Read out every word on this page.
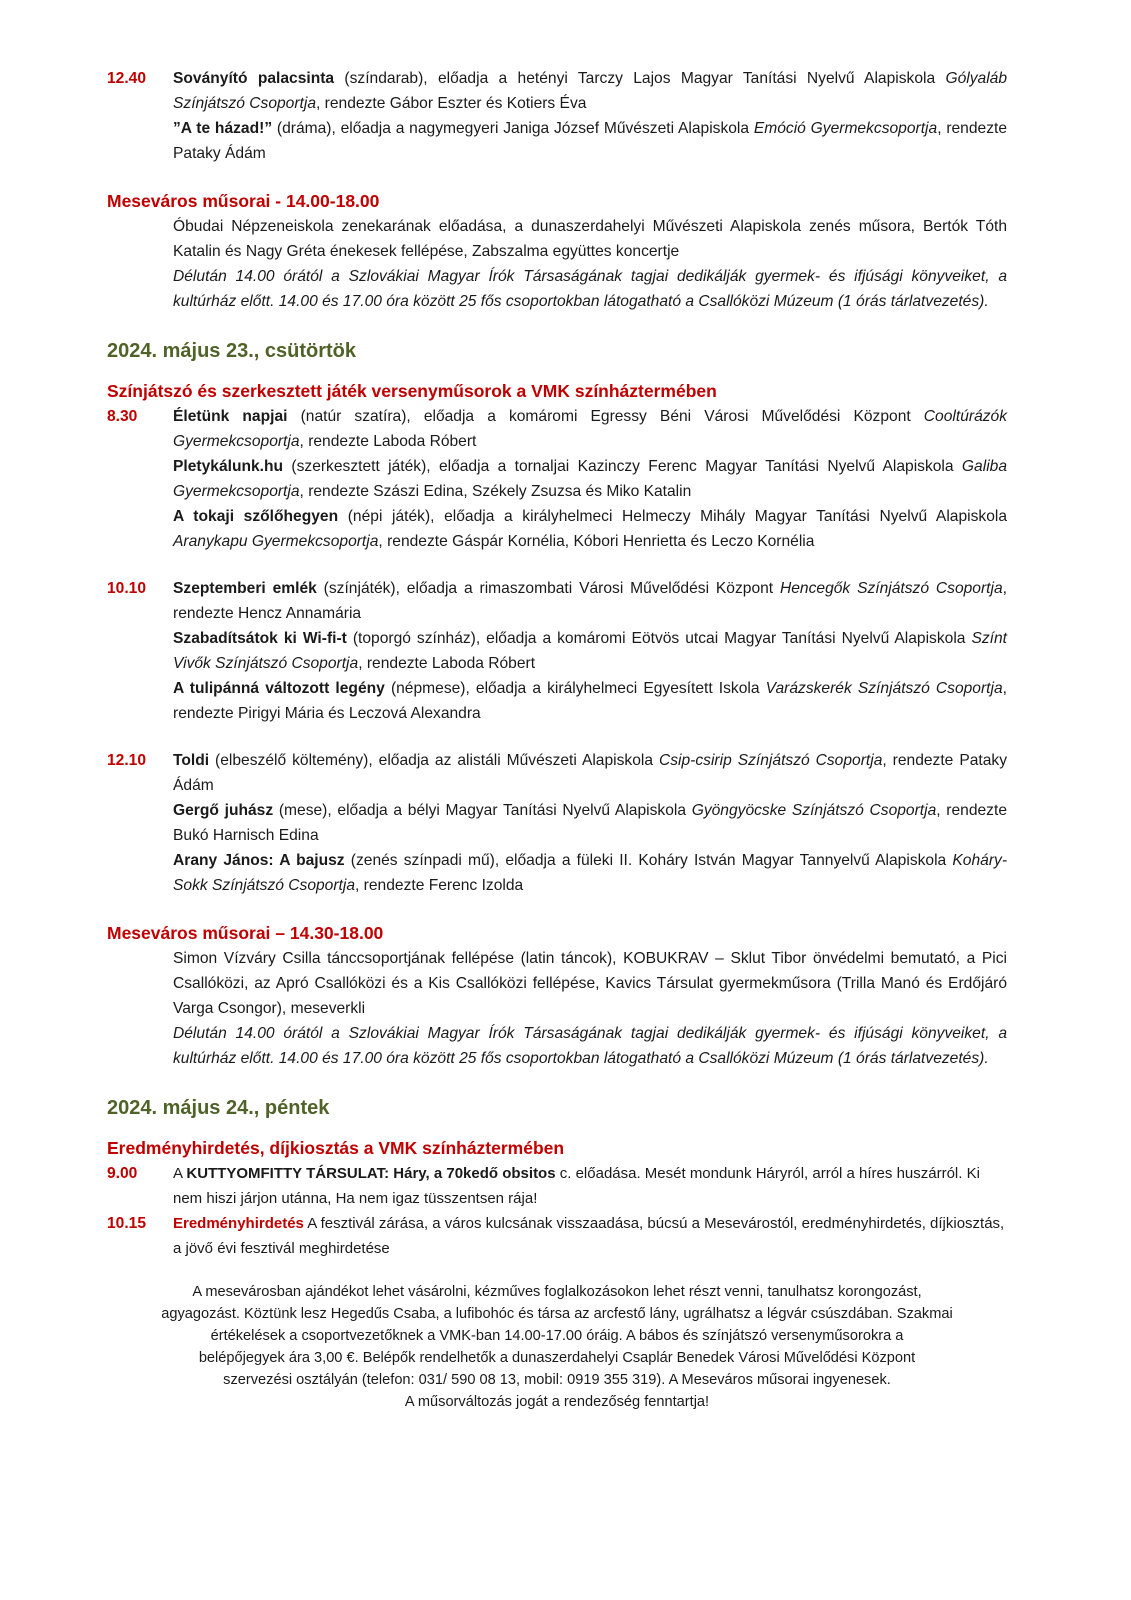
12.40	Soványító palacsinta (színdarab), előadja a hetényi Tarczy Lajos Magyar Tanítási Nyelvű Alapiskola Gólyaláb Színjátszó Csoportja, rendezte Gábor Eszter és Kotiers Éva

”A te házad!” (dráma), előadja a nagymegyeri Janiga József Művészeti Alapiskola Emóció Gyermekcsoportja, rendezte Pataky Ádám

Meseváros műsorai - 14.00-18.00

Óbudai Népzeneiskola zenekarának előadása, a dunaszerdahelyi Művészeti Alapiskola zenés műsora, Bertók Tóth Katalin és Nagy Gréta énekesek fellépése, Zabszalma együttes koncertje

Délután 14.00 órától a Szlovákiai Magyar Írók Társaságának tagjai dedikálják gyermek- és ifjúsági könyveiket, a kultúrház előtt. 14.00 és 17.00 óra között 25 fős csoportokban látogatható a Csallóközi Múzeum (1 órás tárlatvezetés).

2024. május 23., csütörtök
Színjátszó és szerkesztett játék versenyműsorok a VMK színháztermében
8.30	Életünk napjai (natúr szatíra), előadja a komáromi Egressy Béni Városi Művelődési Központ Cooltúrázók Gyermekcsoportja, rendezte Laboda Róbert

Pletykálunk.hu (szerkesztett játék), előadja a tornaljai Kazinczy Ferenc Magyar Tanítási Nyelvű Alapiskola Galiba Gyermekcsoportja, rendezte Szászi Edina, Székely Zsuzsa és Miko Katalin

A tokaji szőlőhegyen (népi játék), előadja a királyhelmeci Helmeczy Mihály Magyar Tanítási Nyelvű Alapiskola Aranykapu Gyermekcsoportja, rendezte Gáspár Kornélia, Kóbori Henrietta és Leczo Kornélia

10.10	Szeptemberi emlék (színjáték), előadja a rimaszombati Városi Művelődési Központ Hencegők Színjátszó Csoportja, rendezte Hencz Annamária

Szabadítsátok ki Wi-fi-t (toporgó színház), előadja a komáromi Eötvös utcai Magyar Tanítási Nyelvű Alapiskola Színt Vivők Színjátszó Csoportja, rendezte Laboda Róbert

A tulipánná változott legény (népmese), előadja a királyhelmeci Egyesített Iskola Varázskerék Színjátszó Csoportja, rendezte Pirigyi Mária és Leczová Alexandra

12.10	Toldi (elbeszélő költemény), előadja az alistáli Művészeti Alapiskola Csip-csirip Színjátszó Csoportja, rendezte Pataky Ádám

Gergő juhász (mese), előadja a bélyi Magyar Tanítási Nyelvű Alapiskola Gyöngyöcske Színjátszó Csoportja, rendezte Bukó Harnisch Edina

Arany János: A bajusz (zenés színpadi mű), előadja a füleki II. Koháry István Magyar Tannyelvű Alapiskola Koháry-Sokk Színjátszó Csoportja, rendezte Ferenc Izolda

Meseváros műsorai – 14.30-18.00

Simon Vízváry Csilla tánccsoportjának fellépése (latin táncok), KOBUKRAV – Sklut Tibor önvédelmi bemutató, a Pici Csallóközi, az Apró Csallóközi és a Kis Csallóközi fellépése, Kavics Társulat gyermekműsora (Trilla Manó és Erdőjáró Varga Csongor), meseverkli

Délután 14.00 órától a Szlovákiai Magyar Írók Társaságának tagjai dedikálják gyermek- és ifjúsági könyveiket, a kultúrház előtt. 14.00 és 17.00 óra között 25 fős csoportokban látogatható a Csallóközi Múzeum (1 órás tárlatvezetés).

2024. május 24., péntek
Eredményhirdetés, díjkiosztás a VMK színháztermében
9.00	A KUTTYOMFITTY TÁRSULAT: Háry, a 70kedő obsitos c. előadása. Mesét mondunk Háryról, arról a híres huszárról. Ki nem hiszi járjon utánna, Ha nem igaz tüsszentsen rája!
10.15	Eredményhirdetés A fesztivál zárása, a város kulcsának visszaadása, búcsú a Mesevárostól, eredményhirdetés, díjkiosztás, a jövő évi fesztivál meghirdetése
A mesevárosban ajándékot lehet vásárolni, kézműves foglalkozásokon lehet részt venni, tanulhatsz korongozást,
agyagozást. Köztünk lesz Hegedűs Csaba, a lufibohóc és társa az arcfestő lány, ugrálhatsz a légvár csúszdában. Szakmai
értékelések a csoportvezetőknek a VMK-ban 14.00-17.00 óráig. A bábos és színjátszó versenyműsorokra a
belépőjegyek ára 3,00 €. Belépők rendelhetők a dunaszerdahelyi Csaplár Benedek Városi Művelődési Központ
szervezési osztályán (telefon: 031/ 590 08 13, mobil: 0919 355 319). A Meseváros műsorai ingyenesek.
A műsorváltozás jogát a rendezőség fenntartja!
